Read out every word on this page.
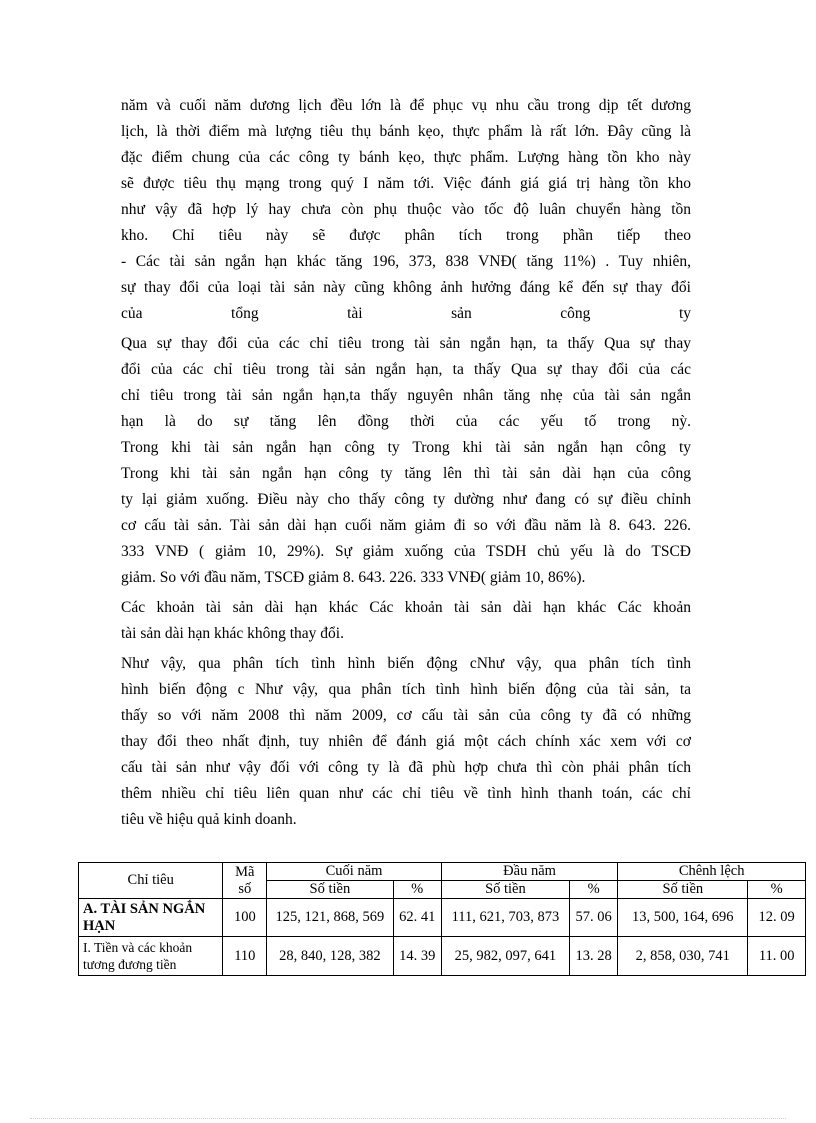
năm và cuối năm dương lịch đều lớn là để phục vụ nhu cầu trong dịp tết dương
lịch, là thời điểm mà lượng tiêu thụ bánh kẹo, thực phẩm là rất lớn. Đây cũng là
đặc điểm chung của các công ty bánh kẹo, thực phẩm. Lượng hàng tồn kho này
sẽ được tiêu thụ mạng trong quý I năm tới. Việc đánh giá giá trị hàng tồn kho
như vậy đã hợp lý hay chưa còn phụ thuộc vào tốc độ luân chuyển hàng tồn
kho. Chỉ tiêu này sẽ được phân tích trong phần tiếp theo
- Các tài sản ngắn hạn khác tăng 196, 373, 838 VNĐ( tăng 11%) . Tuy nhiên,
sự thay đổi của loại tài sản này cũng không ảnh hưởng đáng kể đến sự thay đổi
của tổng tài sản công ty
Qua sự thay đổi của các chỉ tiêu trong tài sản ngắn hạn, ta thấy Qua sự thay
đổi của các chỉ tiêu trong tài sản ngắn hạn, ta thấy Qua sự thay đổi của các
chỉ tiêu trong tài sản ngắn hạn,ta thấy nguyên nhân tăng nhẹ của tài sản ngắn
hạn là do sự tăng lên đồng thời của các yếu tố trong nỳ.
Trong khi tài sản ngắn hạn công ty Trong khi tài sản ngắn hạn công ty
Trong khi tài sản ngắn hạn công ty tăng lên thì tài sản dài hạn của công
ty lại giảm xuống. Điều này cho thấy công ty dường như đang có sự điều chỉnh
cơ cấu tài sản. Tài sản dài hạn cuối năm giảm đi so với đầu năm là 8. 643. 226.
333 VNĐ ( giảm 10, 29%). Sự giảm xuống của TSDH chủ yếu là do TSCĐ
giảm. So với đầu năm, TSCĐ giảm 8. 643. 226. 333 VNĐ( giảm 10, 86%).
Các khoản tài sản dài hạn khác Các khoản tài sản dài hạn khác Các khoản
tài sản dài hạn khác không thay đổi.
Như vậy, qua phân tích tình hình biến động cNhư vậy, qua phân tích tình
hình biến động c Như vậy, qua phân tích tình hình biến động của tài sản, ta
thấy so với năm 2008 thì năm 2009, cơ cấu tài sản của công ty đã có những
thay đổi theo nhất định, tuy nhiên để đánh giá một cách chính xác xem với cơ
cấu tài sản như vậy đối với công ty là đã phù hợp chưa thì còn phải phân tích
thêm nhiều chỉ tiêu liên quan như các chỉ tiêu về tình hình thanh toán, các chỉ
tiêu về hiệu quả kinh doanh.
Chỉ tiêu	Mã
số	Cuối năm		Đầu năm		Chênh lệch	
		Số tiền	%	Số tiền	%	Số tiền	%
A. TÀI SẢN NGẮN HẠN	100	125, 121, 868, 569	62. 41	111, 621, 703, 873	57. 06	13, 500, 164, 696	12. 09
I. Tiền và các khoản tương đương tiền	110	28, 840, 128, 382	14. 39	25, 982, 097, 641	13. 28	2, 858, 030, 741	11. 00
